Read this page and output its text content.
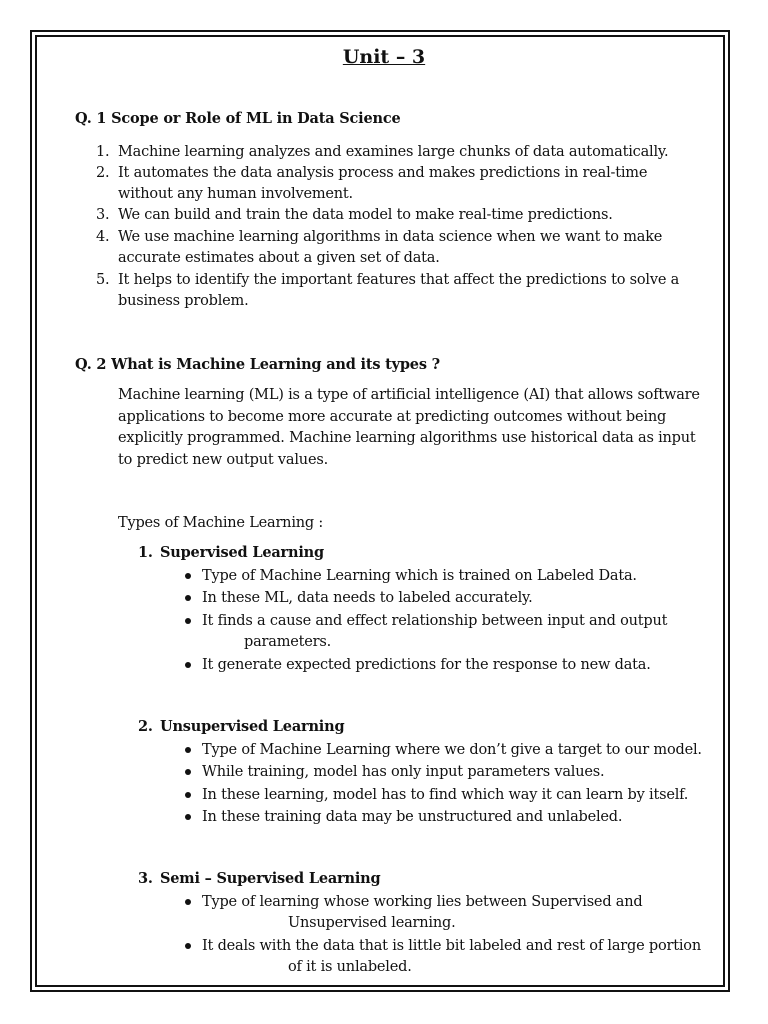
Unit – 3
Q. 1 Scope or Role of ML in Data Science
1. Machine learning analyzes and examines large chunks of data automatically.
2. It automates the data analysis process and makes predictions in real-time
without any human involvement.
3. We can build and train the data model to make real-time predictions.
4. We use machine learning algorithms in data science when we want to make
accurate estimates about a given set of data.
5. It helps to identify the important features that affect the predictions to solve a
business problem.
Q. 2 What is Machine Learning and its types ?
Machine learning (ML) is a type of artificial intelligence (AI) that allows software
applications to become more accurate at predicting outcomes without being
explicitly programmed. Machine learning algorithms use historical data as input
to predict new output values.
Types of Machine Learning :
1. Supervised Learning
Type of Machine Learning which is trained on Labeled Data.
In these ML, data needs to labeled accurately.
It finds a cause and effect relationship between input and output
parameters.
It generate expected predictions for the response to new data.
2. Unsupervised Learning
Type of Machine Learning where we don’t give a target to our model.
While training, model has only input parameters values.
In these learning, model has to find which way it can learn by itself.
In these training data may be unstructured and unlabeled.
3. Semi – Supervised Learning
Type of learning whose working lies between Supervised and
Unsupervised learning.
It deals with the data that is little bit labeled and rest of large portion
of it is unlabeled.
